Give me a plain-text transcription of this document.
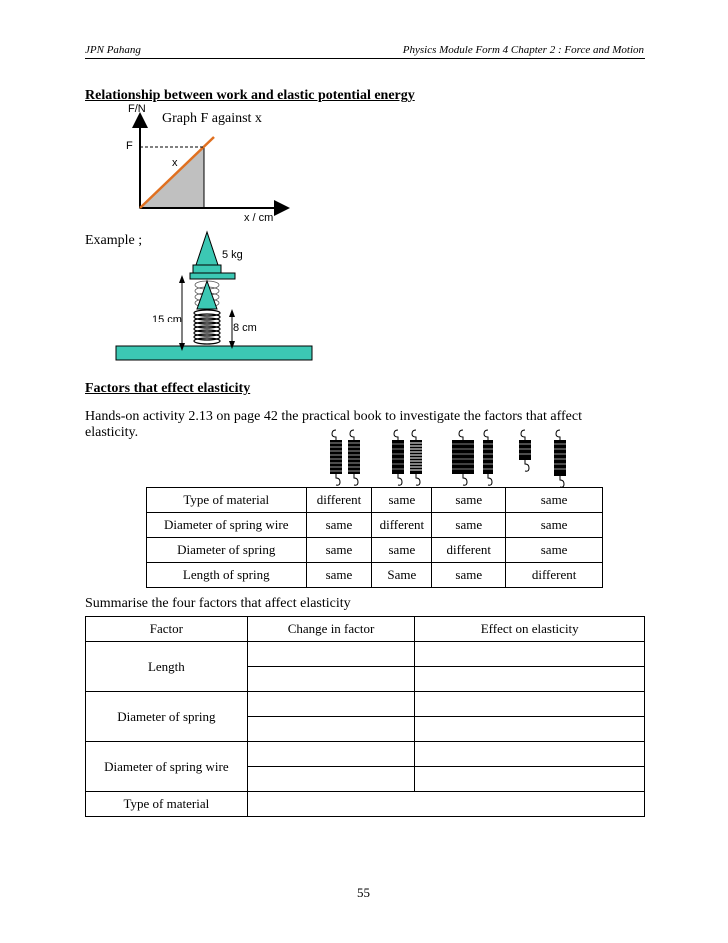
JPN Pahang	Physics Module Form 4 Chapter 2 : Force and Motion
Relationship between work and elastic potential energy
F/N
Graph F against x
F
x
x / cm
Example ;
5 kg
15 cm
8 cm
Factors that effect elasticity
Hands-on activity 2.13 on page 42 the practical book to investigate the factors that affect
elasticity.
Type of material	different	same	same	same
Diameter of spring wire	same	different	same	same
Diameter of spring	same	same	different	same
Length of spring	same	Same	same	different
Summarise the four factors that affect elasticity
Factor	Change in factor	Effect on elasticity
Length		

Diameter of spring		

Diameter of spring wire		

Type of material		
55
